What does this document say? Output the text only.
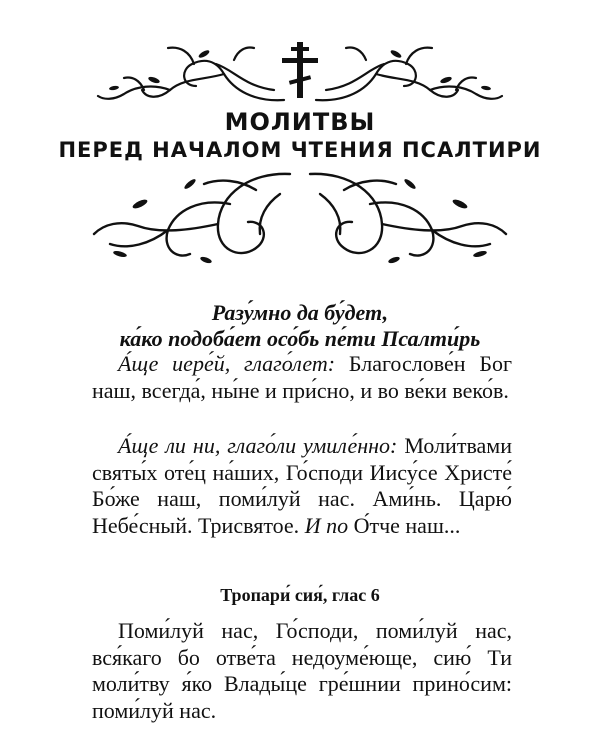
МОЛИТВЫ
ПЕРЕД НАЧАЛОМ ЧТЕНИЯ ПСАЛТИРИ
Разу́мно да бу́дет,
ка́ко подоба́ет осо́бь пе́ти Псалти́рь
А́ще иере́й, глаго́лет: Благослове́н Бог наш, всегда́, ны́не и при́сно, и во ве́ки веко́в.
А́ще ли ни, глаго́ли умиле́нно: Моли́твами святы́х оте́ц на́ших, Го́споди Иису́се Христе́ Бо́же наш, поми́луй нас. Ами́нь. Царю́ Небе́сный. Трисвятое. И по О́тче наш...
Тропари́ сия́, глас 6
Поми́луй нас, Го́споди, поми́луй нас, вся́каго бо отве́та недоуме́юще, сию́ Ти моли́тву я́ко Влады́це гре́шнии прино́сим: поми́луй нас.
